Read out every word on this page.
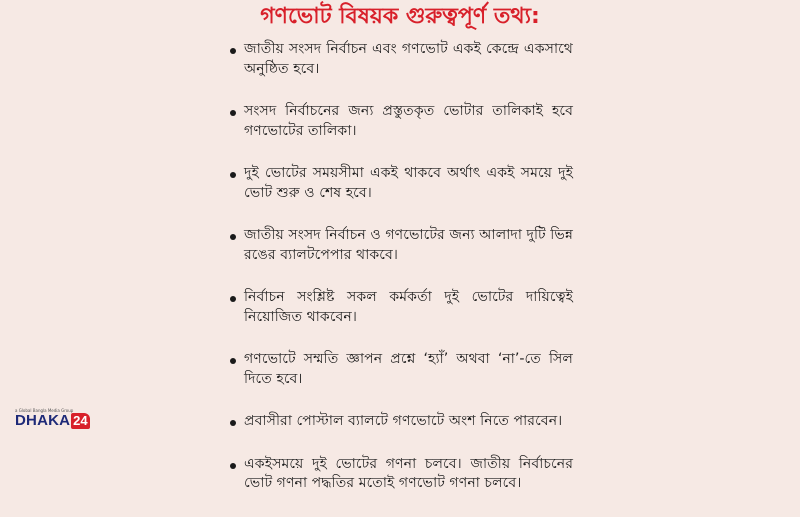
গণভোট বিষয়ক গুরুত্বপূর্ণ তথ্য:
জাতীয় সংসদ নির্বাচন এবং গণভোট একই কেন্দ্রে একসাথে অনুষ্ঠিত হবে।
সংসদ নির্বাচনের জন্য প্রস্তুতকৃত ভোটার তালিকাই হবে গণভোটের তালিকা।
দুই ভোটের সময়সীমা একই থাকবে অর্থাৎ একই সময়ে দুই ভোট শুরু ও শেষ হবে।
জাতীয় সংসদ নির্বাচন ও গণভোটের জন্য আলাদা দুটি ভিন্ন রঙের ব্যালটপেপার থাকবে।
নির্বাচন সংশ্লিষ্ট সকল কর্মকর্তা দুই ভোটের দায়িত্বেই নিয়োজিত থাকবেন।
গণভোটে সম্মতি জ্ঞাপন প্রশ্নে ‘হ্যাঁ’ অথবা ‘না’-তে সিল দিতে হবে।
প্রবাসীরা পোস্টাল ব্যালটে গণভোটে অংশ নিতে পারবেন।
একইসময়ে দুই ভোটের গণনা চলবে। জাতীয় নির্বাচনের ভোট গণনা পদ্ধতির মতোই গণভোট গণনা চলবে।
a Global Bangla Media Group
DHAKA 24
